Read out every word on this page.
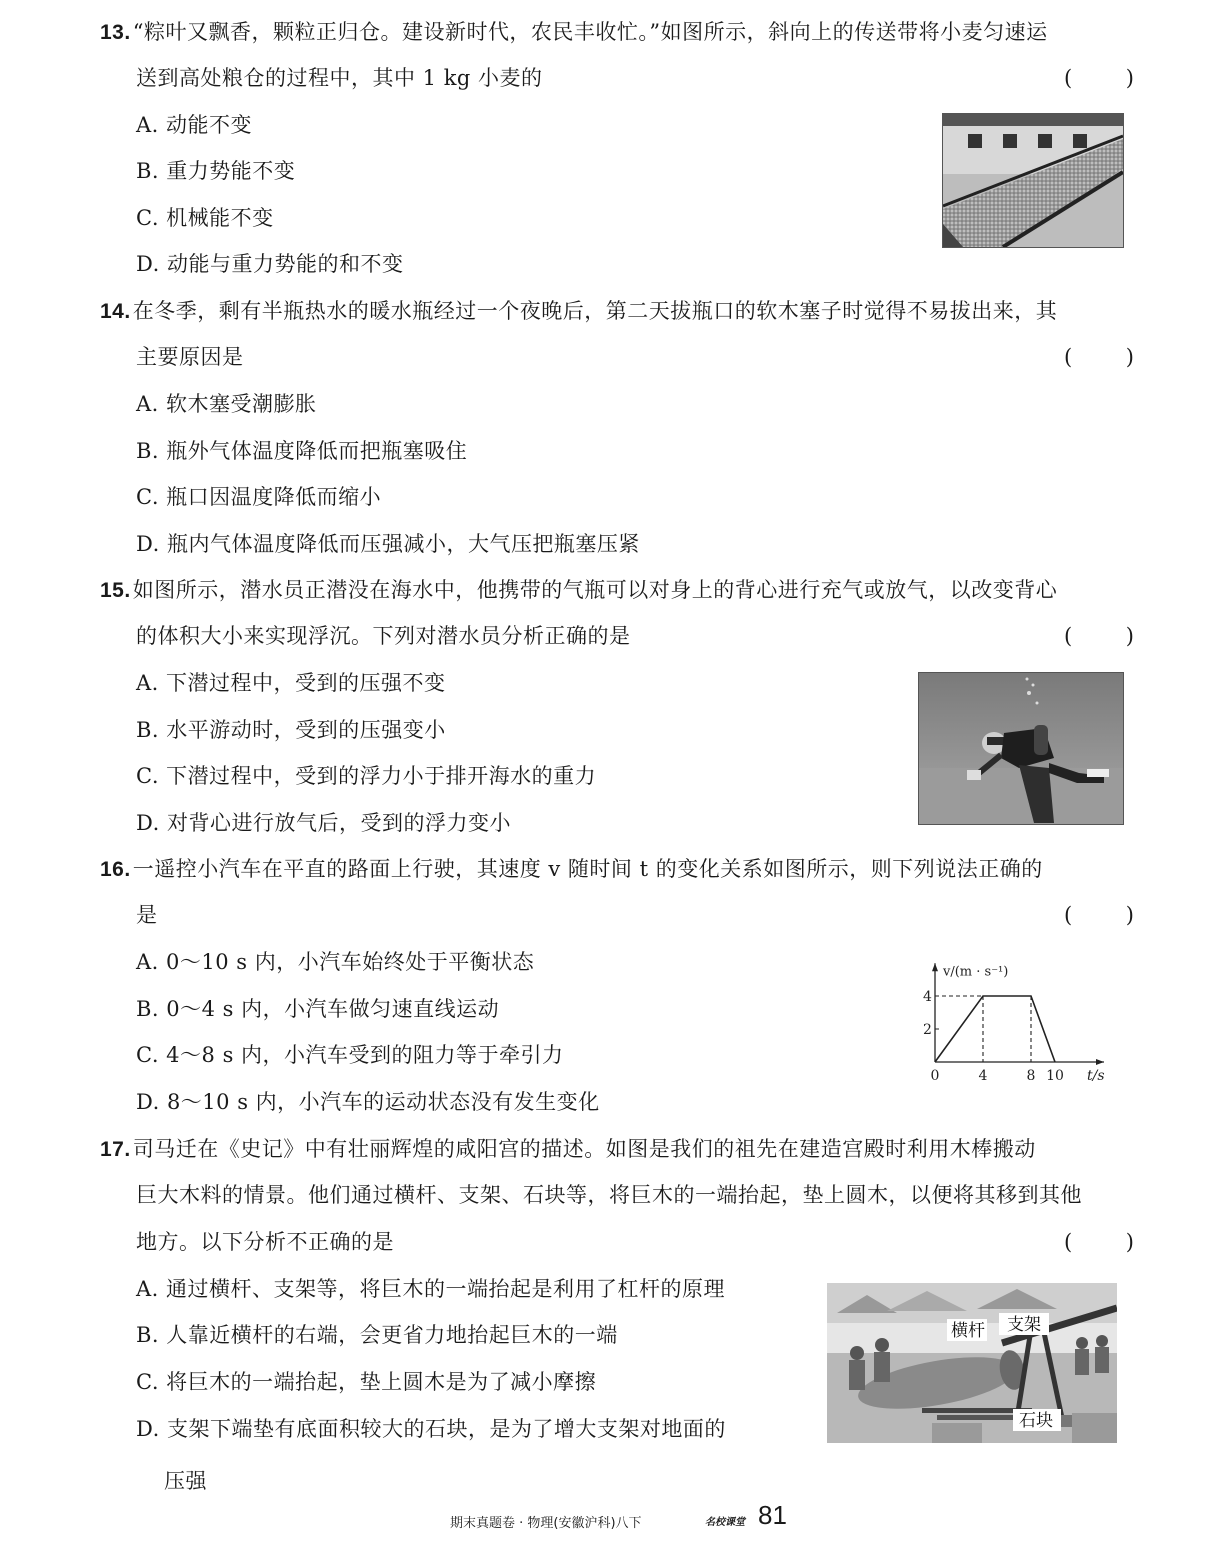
13.“粽叶又飘香，颗粒正归仓。建设新时代，农民丰收忙。”如图所示，斜向上的传送带将小麦匀速运
送到高处粮仓的过程中，其中 1 kg 小麦的	(	)
A. 动能不变
B. 重力势能不变
C. 机械能不变
D. 动能与重力势能的和不变
14.在冬季，剩有半瓶热水的暖水瓶经过一个夜晚后，第二天拔瓶口的软木塞子时觉得不易拔出来，其
主要原因是	(	)
A. 软木塞受潮膨胀
B. 瓶外气体温度降低而把瓶塞吸住
C. 瓶口因温度降低而缩小
D. 瓶内气体温度降低而压强减小，大气压把瓶塞压紧
15.如图所示，潜水员正潜没在海水中，他携带的气瓶可以对身上的背心进行充气或放气，以改变背心
的体积大小来实现浮沉。下列对潜水员分析正确的是	(	)
A. 下潜过程中，受到的压强不变
B. 水平游动时，受到的压强变小
C. 下潜过程中，受到的浮力小于排开海水的重力
D. 对背心进行放气后，受到的浮力变小
16.一遥控小汽车在平直的路面上行驶，其速度 v 随时间 t 的变化关系如图所示，则下列说法正确的
是	(	)
A. 0～10 s 内，小汽车始终处于平衡状态
B. 0～4 s 内，小汽车做匀速直线运动
C. 4～8 s 内，小汽车受到的阻力等于牵引力
D. 8～10 s 内，小汽车的运动状态没有发生变化
2
4
0	4	8 10 t/s
v/(m · s⁻¹)
17.司马迁在《史记》中有壮丽辉煌的咸阳宫的描述。如图是我们的祖先在建造宫殿时利用木棒搬动
巨大木料的情景。他们通过横杆、支架、石块等，将巨木的一端抬起，垫上圆木，以便将其移到其他
地方。以下分析不正确的是	(	)
A. 通过横杆、支架等，将巨木的一端抬起是利用了杠杆的原理
B. 人靠近横杆的右端，会更省力地抬起巨木的一端
C. 将巨木的一端抬起，垫上圆木是为了减小摩擦
D. 支架下端垫有底面积较大的石块，是为了增大支架对地面的
压强
横杆 支架
石块
期末真题卷 · 物理(安徽沪科)八下	名校课堂 81
